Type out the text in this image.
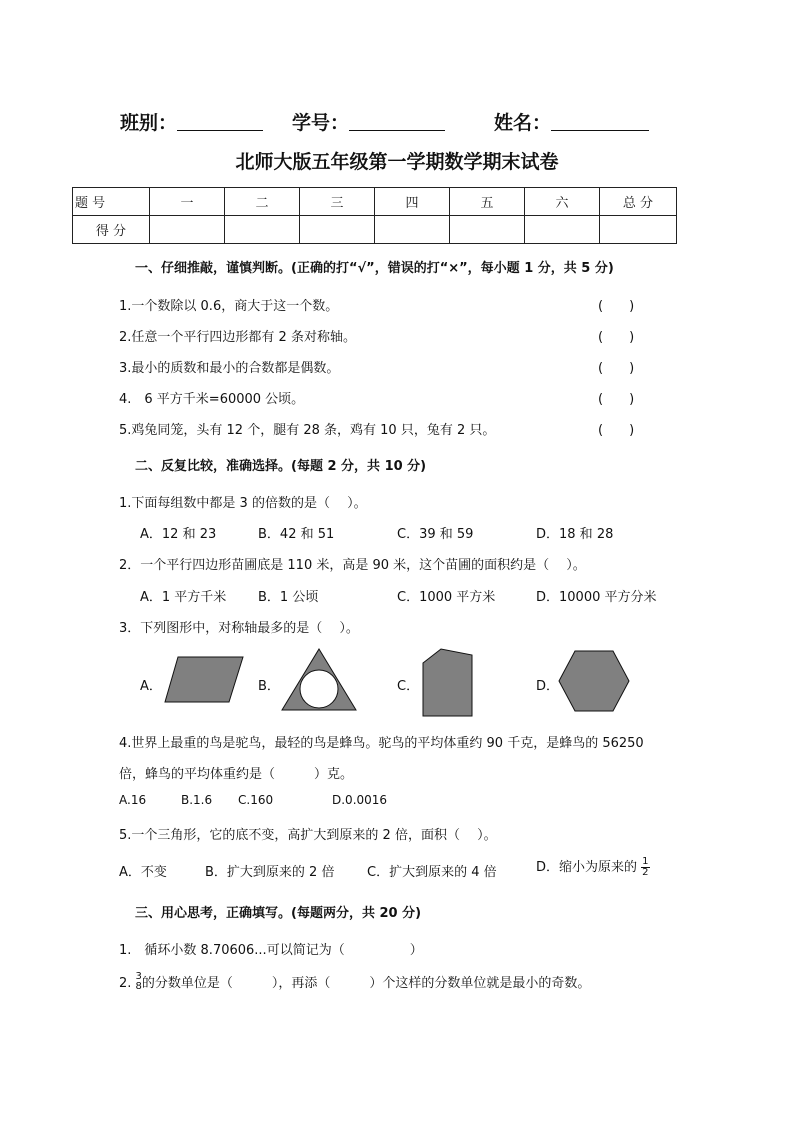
班别：	学号：	姓名：
北师大版五年级第一学期数学期末试卷
题 号	一	二	三	四	五	六	总 分
得 分							
一、仔细推敲，谨慎判断。(正确的打“√”，错误的打“×”，每小题 1 分，共 5 分)
1.一个数除以 0.6，商大于这一个数。	(　　)
2.任意一个平行四边形都有 2 条对称轴。	(　　)
3.最小的质数和最小的合数都是偶数。	(　　)
4.　6 平方千米=60000 公顷。	(　　)
5.鸡兔同笼，头有 12 个，腿有 28 条，鸡有 10 只，兔有 2 只。	(　　)
二、反复比较，准确选择。(每题 2 分，共 10 分)
1.下面每组数中都是 3 的倍数的是（　 ）。
A．12 和 23	B．42 和 51	C．39 和 59	D．18 和 28
2．一个平行四边形苗圃底是 110 米，高是 90 米，这个苗圃的面积约是（　 ）。
A．1 平方千米 B．1 公顷	C．1000 平方米	D．10000 平方分米
3．下列图形中，对称轴最多的是（　 ）。
A．	B．	C．	D．
4.世界上最重的鸟是驼鸟，最轻的鸟是蜂鸟。驼鸟的平均体重约 90 千克，是蜂鸟的 56250
倍，蜂鸟的平均体重约是（　　　）克。
A.16	B.1.6 C.160	D.0.0016
5.一个三角形，它的底不变，高扩大到原来的 2 倍，面积（　 ）。
A．不变	B．扩大到原来的 2 倍	C．扩大到原来的 4 倍	D．缩小为原来的 $\frac{1}{2}$
三、用心思考，正确填写。(每题两分，共 20 分)
1.　循环小数 8.70606...可以简记为（　　　　　）
2. 3
8 的分数单位是（　　　），再添（　　　）个这样的分数单位就是最小的奇数。
